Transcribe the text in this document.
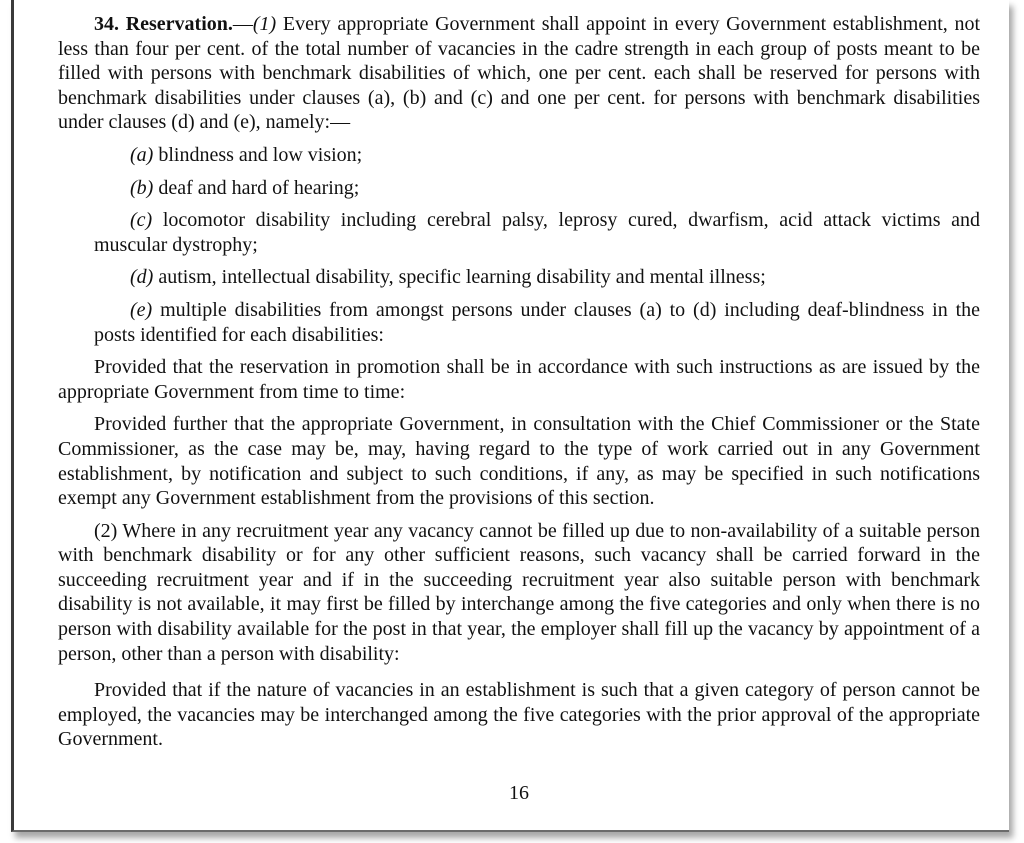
34. Reservation.—(1) Every appropriate Government shall appoint in every Government establishment, not less than four per cent. of the total number of vacancies in the cadre strength in each group of posts meant to be filled with persons with benchmark disabilities of which, one per cent. each shall be reserved for persons with benchmark disabilities under clauses (a), (b) and (c) and one per cent. for persons with benchmark disabilities under clauses (d) and (e), namely:—

(a) blindness and low vision;

(b) deaf and hard of hearing;

(c) locomotor disability including cerebral palsy, leprosy cured, dwarfism, acid attack victims and muscular dystrophy;

(d) autism, intellectual disability, specific learning disability and mental illness;

(e) multiple disabilities from amongst persons under clauses (a) to (d) including deaf-blindness in the posts identified for each disabilities:

Provided that the reservation in promotion shall be in accordance with such instructions as are issued by the appropriate Government from time to time:

Provided further that the appropriate Government, in consultation with the Chief Commissioner or the State Commissioner, as the case may be, may, having regard to the type of work carried out in any Government establishment, by notification and subject to such conditions, if any, as may be specified in such notifications exempt any Government establishment from the provisions of this section.

(2) Where in any recruitment year any vacancy cannot be filled up due to non-availability of a suitable person with benchmark disability or for any other sufficient reasons, such vacancy shall be carried forward in the succeeding recruitment year and if in the succeeding recruitment year also suitable person with benchmark disability is not available, it may first be filled by interchange among the five categories and only when there is no person with disability available for the post in that year, the employer shall fill up the vacancy by appointment of a person, other than a person with disability:

Provided that if the nature of vacancies in an establishment is such that a given category of person cannot be employed, the vacancies may be interchanged among the five categories with the prior approval of the appropriate Government.

16
